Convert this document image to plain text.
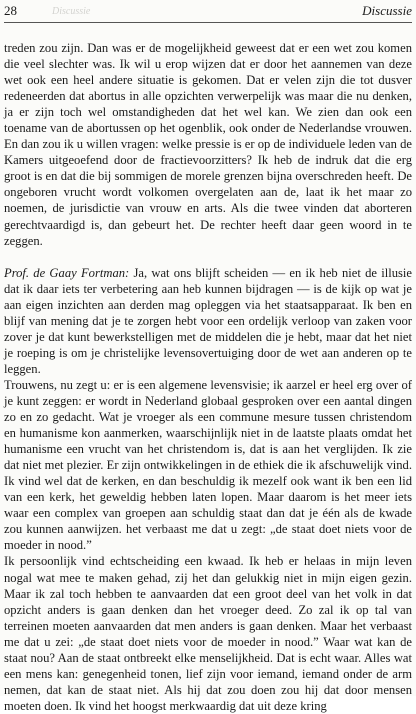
28	Discussie	Discussie

treden zou zijn. Dan was er de mogelijkheid geweest dat er een wet zou komen die veel slechter was. Ik wil u erop wijzen dat er door het aannemen van deze wet ook een heel andere situatie is gekomen. Dat er velen zijn die tot dusver redeneerden dat abortus in alle opzichten verwerpelijk was maar die nu denken, ja er zijn toch wel omstandigheden dat het wel kan. We zien dan ook een toename van de abortussen op het ogenblik, ook onder de Nederlandse vrouwen. En dan zou ik u willen vragen: welke pressie is er op de individuele leden van de Kamers uitgeoefend door de fractievoorzitters? Ik heb de indruk dat die erg groot is en dat die bij sommigen de morele grenzen bijna overschreden heeft. De ongeboren vrucht wordt volkomen overgelaten aan de, laat ik het maar zo noemen, de jurisdictie van vrouw en arts. Als die twee vinden dat aborteren gerechtvaardigd is, dan gebeurt het. De rechter heeft daar geen woord in te zeggen.

Prof. de Gaay Fortman: Ja, wat ons blijft scheiden — en ik heb niet de illusie dat ik daar iets ter verbetering aan heb kunnen bijdragen — is de kijk op wat je aan eigen inzichten aan derden mag opleggen via het staatsapparaat. Ik ben en blijf van mening dat je te zorgen hebt voor een ordelijk verloop van zaken voor zover je dat kunt bewerkstelligen met de middelen die je hebt, maar dat het niet je roeping is om je christelijke levensovertuiging door de wet aan anderen op te leggen.

Trouwens, nu zegt u: er is een algemene levensvisie; ik aarzel er heel erg over of je kunt zeggen: er wordt in Nederland globaal gesproken over een aantal dingen zo en zo gedacht. Wat je vroeger als een commune mesure tussen christendom en humanisme kon aanmerken, waarschijnlijk niet in de laatste plaats omdat het humanisme een vrucht van het christendom is, dat is aan het verglijden. Ik zie dat niet met plezier. Er zijn ontwikkelingen in de ethiek die ik afschuwelijk vind. Ik vind wel dat de kerken, en dan beschuldig ik mezelf ook want ik ben een lid van een kerk, het geweldig hebben laten lopen. Maar daarom is het meer iets waar een complex van groepen aan schuldig staat dan dat je één als de kwade zou kunnen aanwijzen. het verbaast me dat u zegt: „de staat doet niets voor de moeder in nood.”

Ik persoonlijk vind echtscheiding een kwaad. Ik heb er helaas in mijn leven nogal wat mee te maken gehad, zij het dan gelukkig niet in mijn eigen gezin. Maar ik zal toch hebben te aanvaarden dat een groot deel van het volk in dat opzicht anders is gaan denken dan het vroeger deed. Zo zal ik op tal van terreinen moeten aanvaarden dat men anders is gaan denken. Maar het verbaast me dat u zei: „de staat doet niets voor de moeder in nood.” Waar wat kan de staat nou? Aan de staat ontbreekt elke menselijkheid. Dat is echt waar. Alles wat een mens kan: genegenheid tonen, lief zijn voor iemand, iemand onder de arm nemen, dat kan de staat niet. Als hij dat zou doen zou hij dat door mensen moeten doen. Ik vind het hoogst merkwaardig dat uit deze kring
